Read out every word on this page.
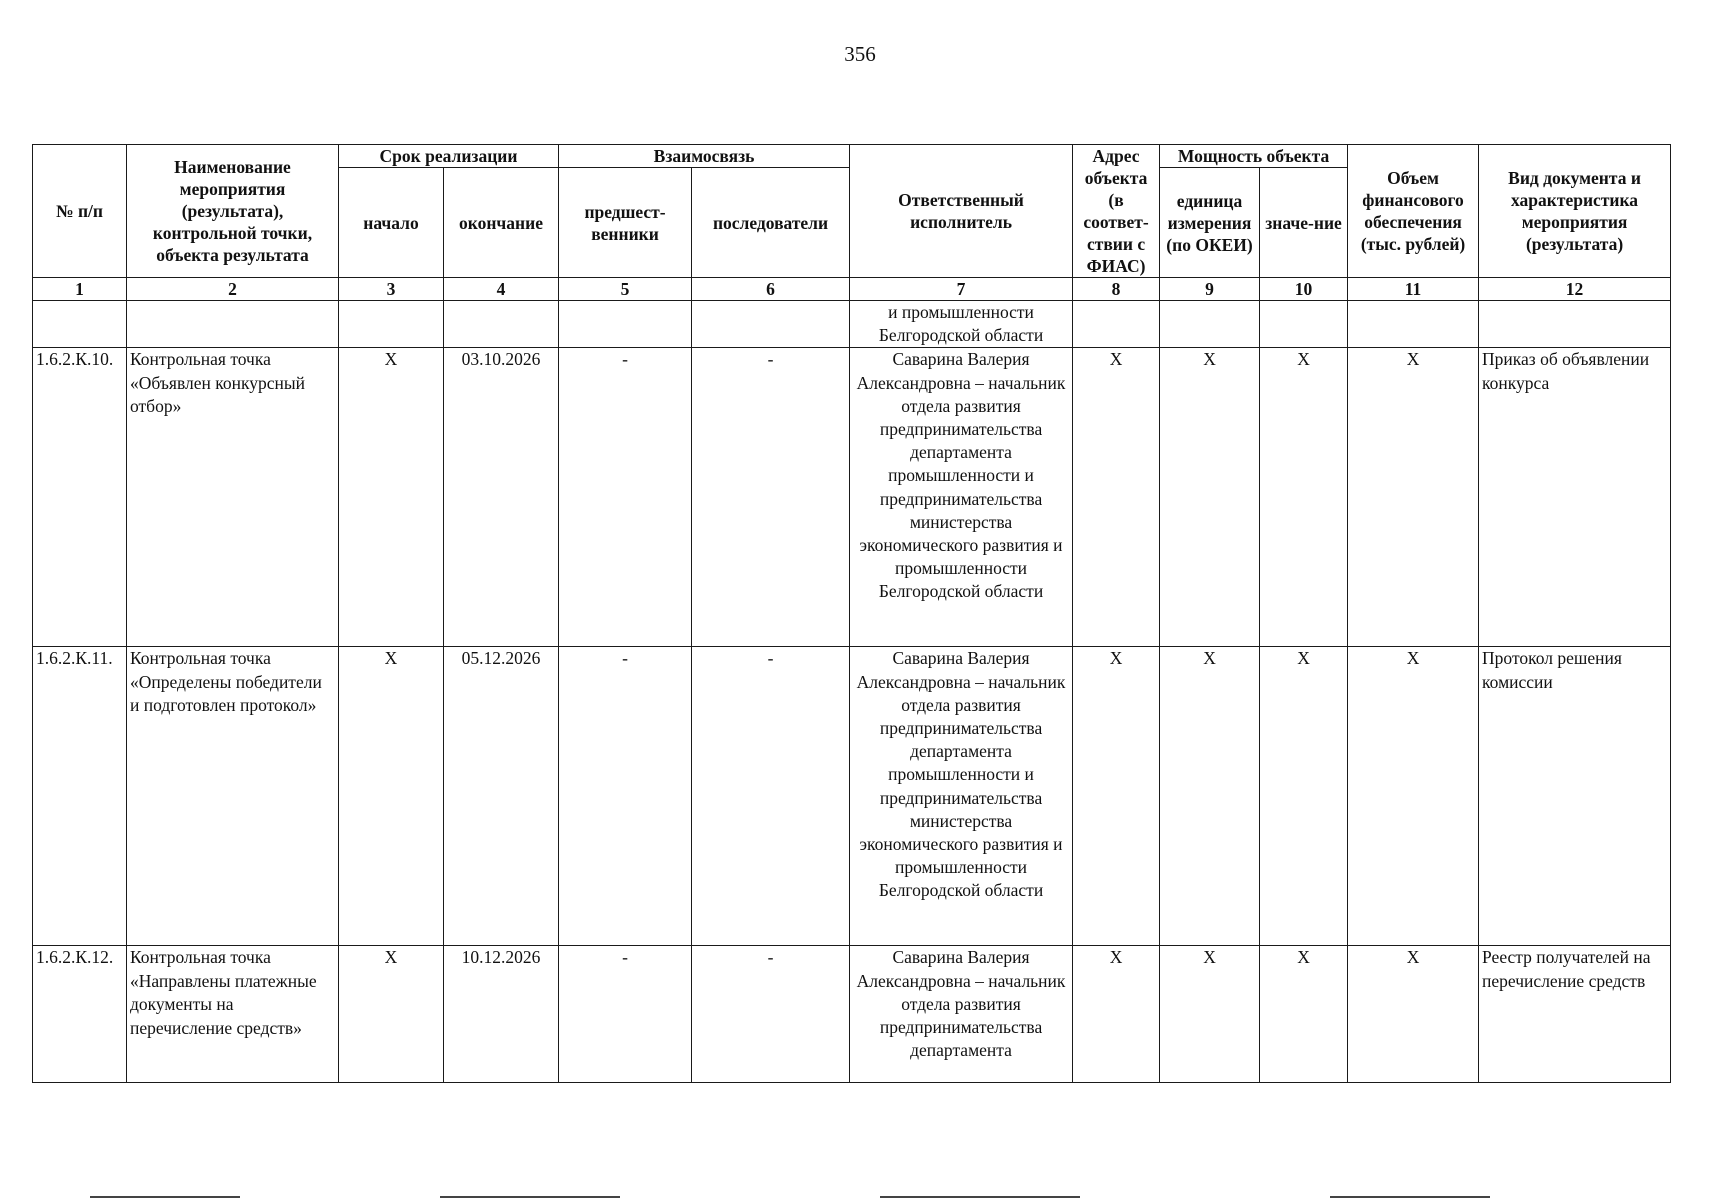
356
№ п/п	Наименование мероприятия (результата), контрольной точки, объекта результата	Срок реализации		Взаимосвязь		Ответственный исполнитель	Адрес объекта (в соответ-ствии с ФИАС)	Мощность объекта		Объем финансового обеспечения (тыс. рублей)	Вид документа и характеристика мероприятия (результата)
		начало	окончание	предшест-венники	последователи			единица измерения (по ОКЕИ)	значе-ние		
1	2	3	4	5	6	7	8	9	10	11	12
						и промышленности Белгородской области					
1.6.2.К.10.	Контрольная точка «Объявлен конкурсный отбор»	Х	03.10.2026	-	-	Саварина Валерия Александровна – начальник отдела развития предпринимательства департамента промышленности и предпринимательства министерства экономического развития и промышленности Белгородской области	Х	Х	Х	Х	Приказ об объявлении конкурса
1.6.2.К.11.	Контрольная точка «Определены победители и подготовлен протокол»	Х	05.12.2026	-	-	Саварина Валерия Александровна – начальник отдела развития предпринимательства департамента промышленности и предпринимательства министерства экономического развития и промышленности Белгородской области	Х	Х	Х	Х	Протокол решения комиссии
1.6.2.К.12.	Контрольная точка «Направлены платежные документы на перечисление средств»	Х	10.12.2026	-	-	Саварина Валерия Александровна – начальник отдела развития предпринимательства департамента	Х	Х	Х	Х	Реестр получателей на перечисление средств
